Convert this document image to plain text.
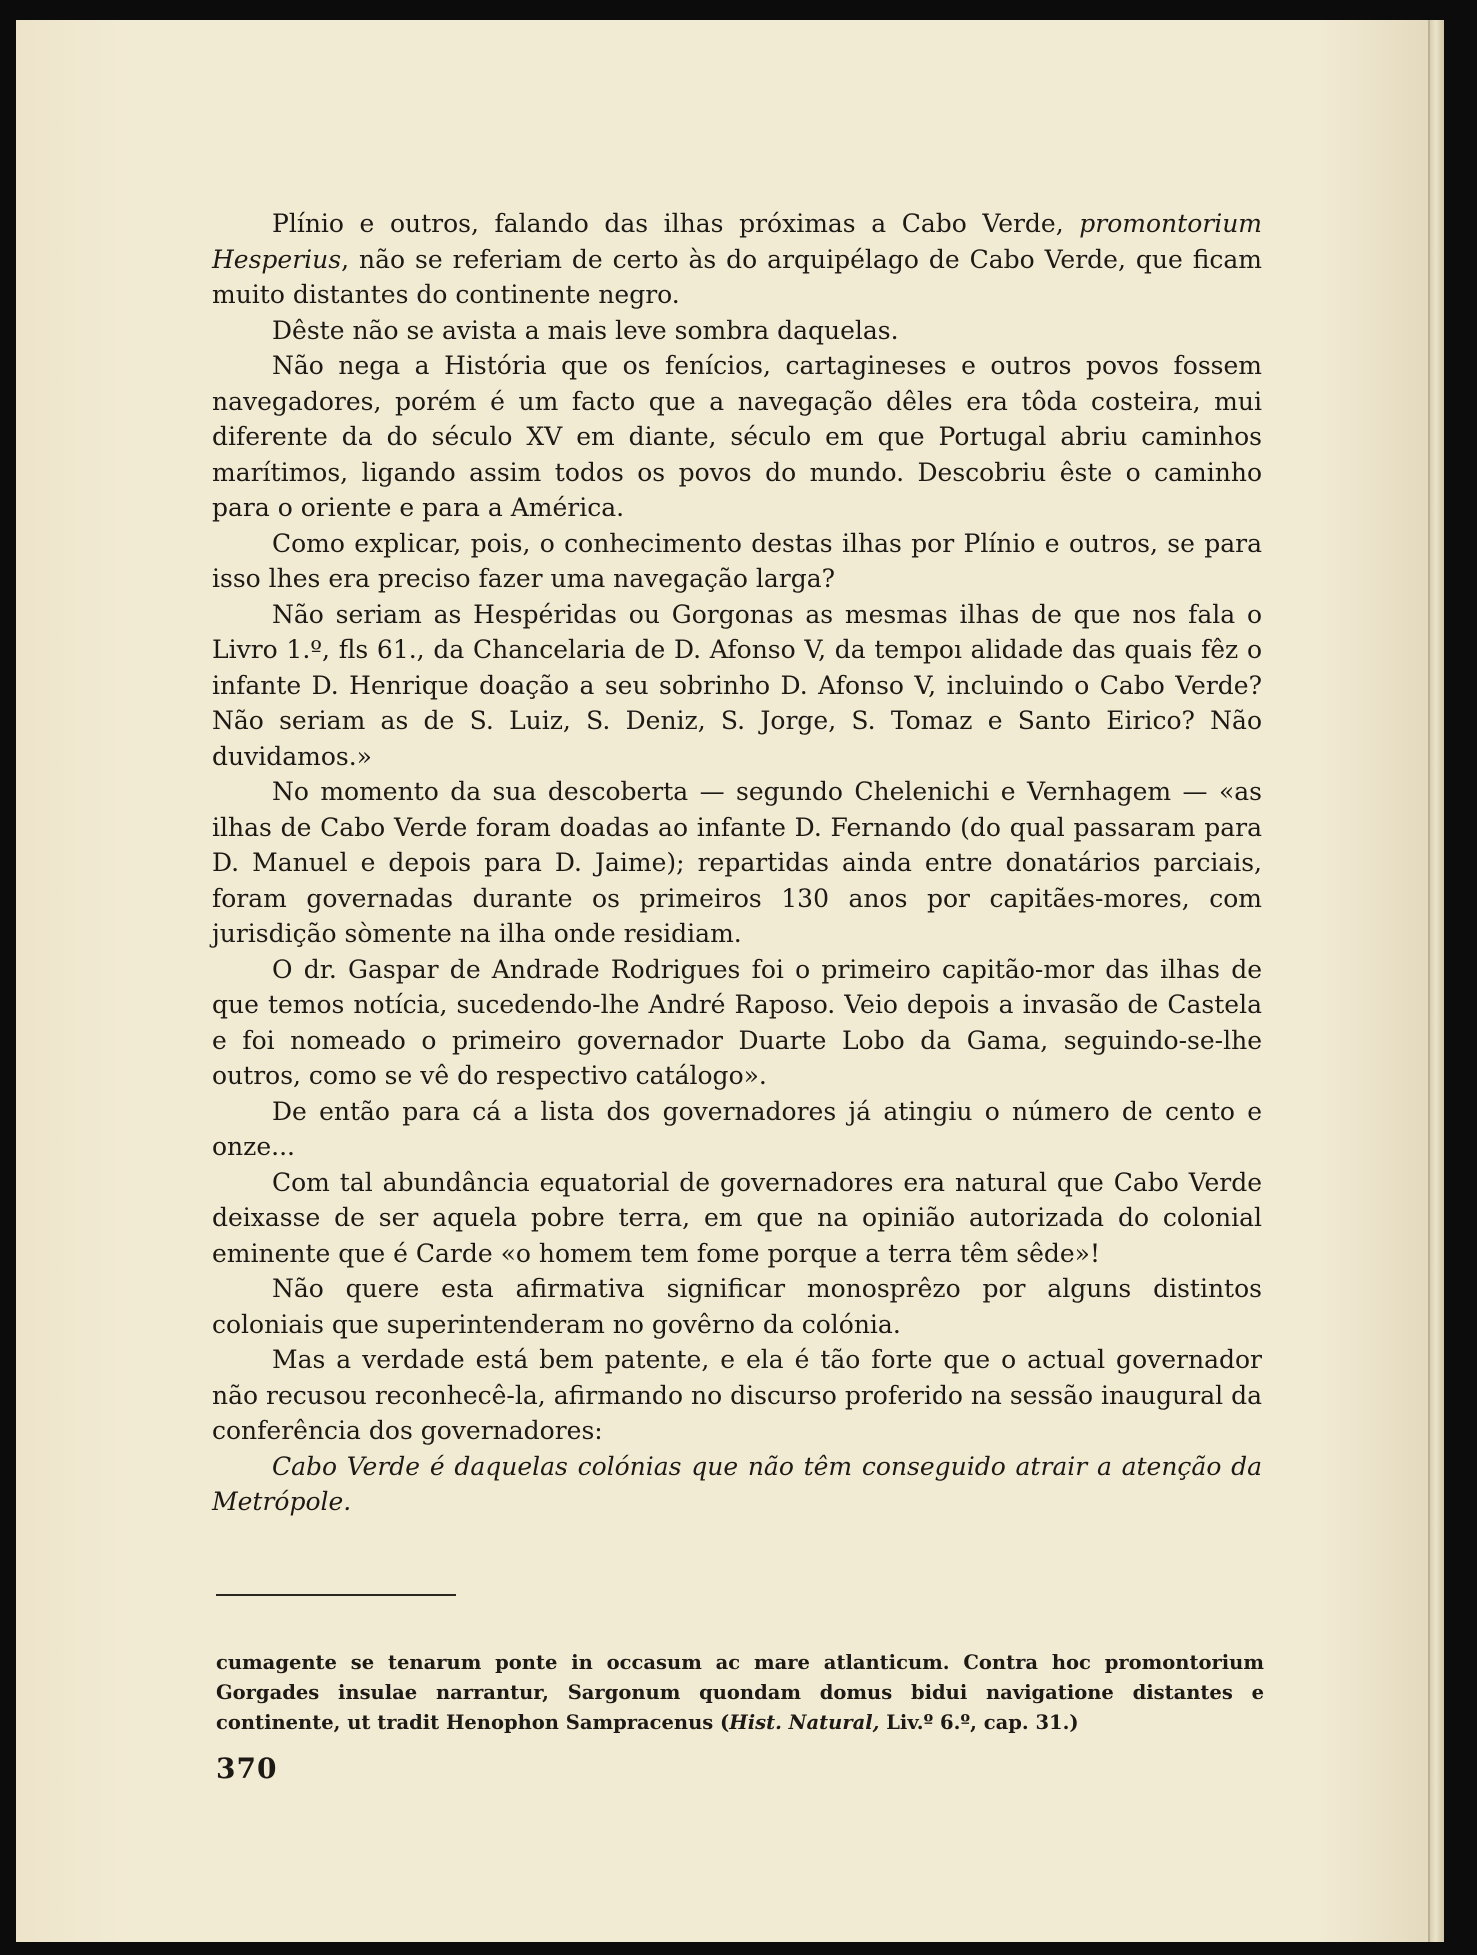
Plínio e outros, falando das ilhas próximas a Cabo Verde, promontorium Hesperius, não se referiam de certo às do arquipélago de Cabo Verde, que ficam muito distantes do continente negro.

Dêste não se avista a mais leve sombra daquelas.

Não nega a História que os fenícios, cartagineses e outros povos fossem navegadores, porém é um facto que a navegação dêles era tôda costeira, mui diferente da do século XV em diante, século em que Portugal abriu caminhos marítimos, ligando assim todos os povos do mundo. Descobriu êste o caminho para o oriente e para a América.

Como explicar, pois, o conhecimento destas ilhas por Plínio e outros, se para isso lhes era preciso fazer uma navegação larga?

Não seriam as Hespéridas ou Gorgonas as mesmas ilhas de que nos fala o Livro 1.º, fls 61., da Chancelaria de D. Afonso V, da tempoı alidade das quais fêz o infante D. Henrique doação a seu sobrinho D. Afonso V, incluindo o Cabo Verde? Não seriam as de S. Luiz, S. Deniz, S. Jorge, S. Tomaz e Santo Eirico? Não duvidamos.»

No momento da sua descoberta — segundo Chelenichi e Vernhagem — «as ilhas de Cabo Verde foram doadas ao infante D. Fernando (do qual passaram para D. Manuel e depois para D. Jaime); repartidas ainda entre donatários parciais, foram governadas durante os primeiros 130 anos por capitães-mores, com jurisdição sòmente na ilha onde residiam.

O dr. Gaspar de Andrade Rodrigues foi o primeiro capitão-mor das ilhas de que temos notícia, sucedendo-lhe André Raposo. Veio depois a invasão de Castela e foi nomeado o primeiro governador Duarte Lobo da Gama, seguindo-se-lhe outros, como se vê do respectivo catálogo».

De então para cá a lista dos governadores já atingiu o número de cento e onze...

Com tal abundância equatorial de governadores era natural que Cabo Verde deixasse de ser aquela pobre terra, em que na opinião autorizada do colonial eminente que é Carde «o homem tem fome porque a terra têm sêde»!

Não quere esta afirmativa significar monosprêzo por alguns distintos coloniais que superintenderam no govêrno da colónia.

Mas a verdade está bem patente, e ela é tão forte que o actual governador não recusou reconhecê-la, afirmando no discurso proferido na sessão inaugural da conferência dos governadores:

Cabo Verde é daquelas colónias que não têm conseguido atrair a atenção da Metrópole.

cumagente se tenarum ponte in occasum ac mare atlanticum. Contra hoc promontorium Gorgades insulae narrantur, Sargonum quondam domus bidui navigatione distantes e continente, ut tradit Henophon Sampracenus (Hist. Natural, Liv.º 6.º, cap. 31.)

370
